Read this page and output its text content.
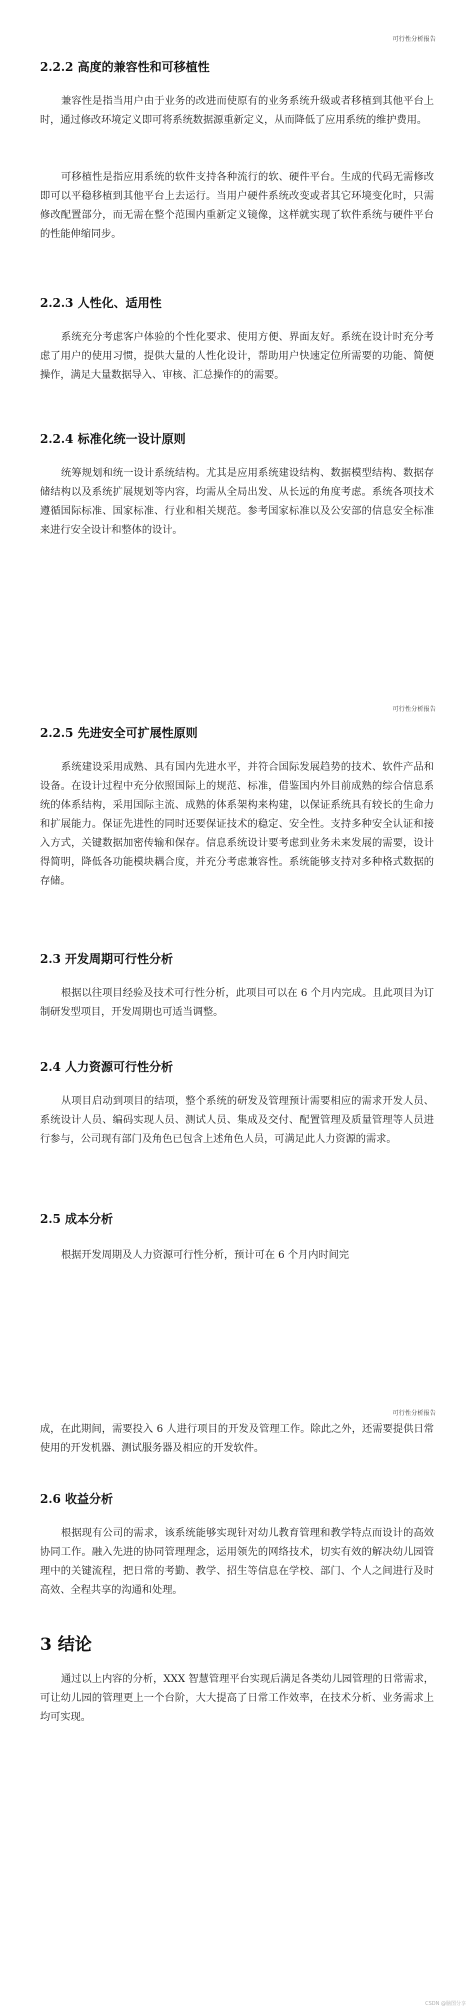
可行性分析报告
2.2.2 高度的兼容性和可移植性

兼容性是指当用户由于业务的改进而使原有的业务系统升级或者移植到其他平台上时，通过修改环境定义即可将系统数据源重新定义，从而降低了应用系统的维护费用。

可移植性是指应用系统的软件支持各种流行的软、硬件平台。生成的代码无需修改即可以平稳移植到其他平台上去运行。当用户硬件系统改变或者其它环境变化时，只需修改配置部分，而无需在整个范围内重新定义镜像，这样就实现了软件系统与硬件平台的性能伸缩同步。

2.2.3 人性化、适用性

系统充分考虑客户体验的个性化要求、使用方便、界面友好。系统在设计时充分考虑了用户的使用习惯，提供大量的人性化设计，帮助用户快速定位所需要的功能、简便操作，满足大量数据导入、审核、汇总操作的的需要。

2.2.4 标准化统一设计原则

统筹规划和统一设计系统结构。尤其是应用系统建设结构、数据模型结构、数据存储结构以及系统扩展规划等内容，均需从全局出发、从长远的角度考虑。系统各项技术遵循国际标准、国家标准、行业和相关规范。参考国家标准以及公安部的信息安全标准来进行安全设计和整体的设计。

可行性分析报告
2.2.5 先进安全可扩展性原则

系统建设采用成熟、具有国内先进水平，并符合国际发展趋势的技术、软件产品和设备。在设计过程中充分依照国际上的规范、标准，借鉴国内外目前成熟的综合信息系统的体系结构，采用国际主流、成熟的体系架构来构建，以保证系统具有较长的生命力和扩展能力。保证先进性的同时还要保证技术的稳定、安全性。支持多种安全认证和接入方式，关键数据加密传输和保存。信息系统设计要考虑到业务未来发展的需要，设计得简明，降低各功能模块耦合度，并充分考虑兼容性。系统能够支持对多种格式数据的存储。

2.3 开发周期可行性分析

根据以往项目经验及技术可行性分析，此项目可以在 6 个月内完成。且此项目为订制研发型项目，开发周期也可适当调整。

2.4 人力资源可行性分析

从项目启动到项目的结项，整个系统的研发及管理预计需要相应的需求开发人员、系统设计人员、编码实现人员、测试人员、集成及交付、配置管理及质量管理等人员进行参与，公司现有部门及角色已包含上述角色人员，可满足此人力资源的需求。

2.5 成本分析

根据开发周期及人力资源可行性分析，预计可在 6 个月内时间完

可行性分析报告

成，在此期间，需要投入 6 人进行项目的开发及管理工作。除此之外，还需要提供日常使用的开发机器、测试服务器及相应的开发软件。

2.6 收益分析

根据现有公司的需求，该系统能够实现针对幼儿教育管理和教学特点而设计的高效协同工作。融入先进的协同管理理念，运用领先的网络技术，切实有效的解决幼儿园管理中的关键流程，把日常的考勤、教学、招生等信息在学校、部门、个人之间进行及时高效、全程共享的沟通和处理。

3 结论

通过以上内容的分析，XXX 智慧管理平台实现后满足各类幼儿园管理的日常需求，可让幼儿园的管理更上一个台阶，大大提高了日常工作效率，在技术分析、业务需求上均可实现。

CSDN @脑图分享
